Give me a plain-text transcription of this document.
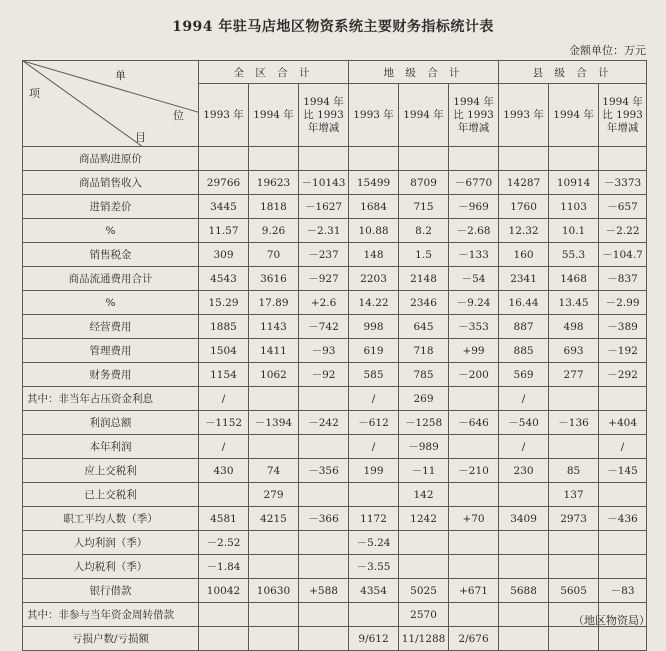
1994 年驻马店地区物资系统主要财务指标统计表
金额单位：万元
单
项
位
目	全 区 合 计			地 级 合 计			县 级 合 计		
	1993 年	1994 年	1994 年比 1993 年增减	1993 年	1994 年	1994 年比 1993 年增减	1993 年	1994 年	1994 年比 1993 年增减
商品购进原价									
商品销售收入	29766	19623	－10143	15499	8709	－6770	14287	10914	－3373
进销差价	3445	1818	－1627	1684	715	－969	1760	1103	－657
%	11.57	9.26	－2.31	10.88	8.2	－2.68	12.32	10.1	－2.22
销售税金	309	70	－237	148	1.5	－133	160	55.3	－104.7
商品流通费用合计	4543	3616	－927	2203	2148	－54	2341	1468	－837
%	15.29	17.89	+2.6	14.22	2346	－9.24	16.44	13.45	－2.99
经营费用	1885	1143	－742	998	645	－353	887	498	－389
管理费用	1504	1411	－93	619	718	+99	885	693	－192
财务费用	1154	1062	－92	585	785	－200	569	277	－292
其中：非当年占压资金利息	/			/	269		/		
利润总额	－1152	－1394	－242	－612	－1258	－646	－540	－136	+404
本年利润	/			/	－989		/		/
应上交税利	430	74	－356	199	－11	－210	230	85	－145
已上交税利		279			142			137	
职工平均人数（季）	4581	4215	－366	1172	1242	+70	3409	2973	－436
人均利润（季）	－2.52			－5.24					
人均税利（季）	－1.84			－3.55					
银行借款	10042	10630	+588	4354	5025	+671	5688	5605	－83
其中：非参与当年资金周转借款					2570				
亏损户数/亏损额				9/612	11/1288	2/676			
（地区物资局）
